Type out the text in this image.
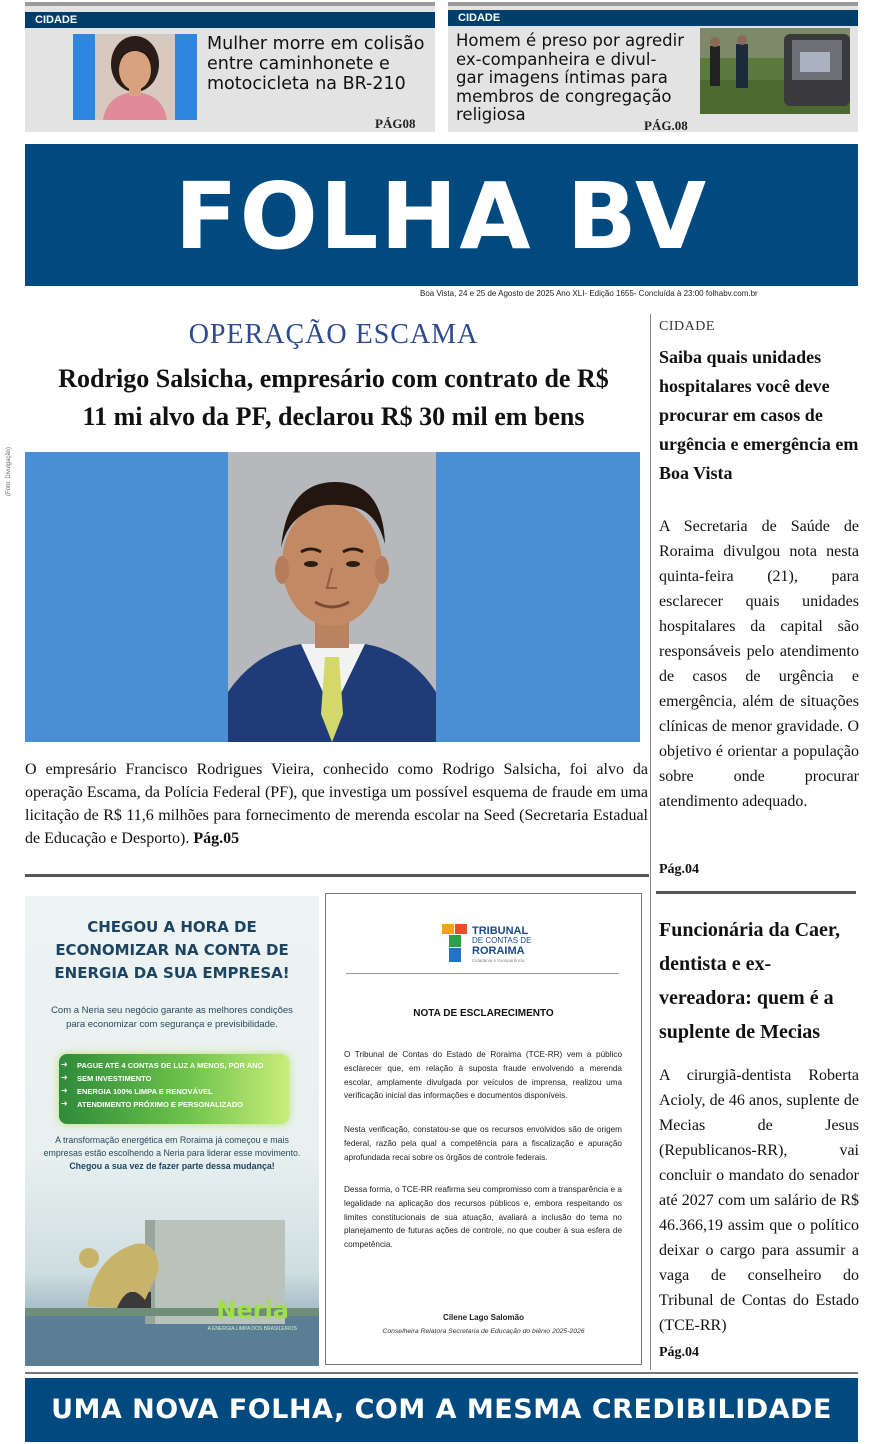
CIDADE
Mulher morre em colisão
entre caminhonete e
motocicleta na BR-210
PÁG08
CIDADE
Homem é preso por agredir
ex-companheira e divul-
gar imagens íntimas para
membros de congregação
religiosa
PÁG.08
FOLHA BV
Boa Vista, 24 e 25 de Agosto de 2025 Ano XLI- Edição 1655- Concluída à 23:00 folhabv.com.br
OPERAÇÃO ESCAMA
Rodrigo Salsicha, empresário com contrato de R$
11 mi alvo da PF, declarou R$ 30 mil em bens
(Foto: Divulgação)
O empresário Francisco Rodrigues Vieira, conhecido como Rodrigo Salsicha, foi alvo da operação Escama, da Polícia Federal (PF), que investiga um possível esquema de fraude em uma licitação de R$ 11,6 milhões para fornecimento de merenda escolar na Seed (Secretaria Estadual de Educação e Desporto). Pág.05
CIDADE
Saiba quais unidades hospitalares você deve procurar em casos de urgência e emergência em Boa Vista
A Secretaria de Saúde de Roraima divulgou nota nesta quinta-feira (21), para esclarecer quais unidades hospitalares da capital são responsáveis pelo atendimento de casos de urgência e emergência, além de situações clínicas de menor gravidade. O objetivo é orientar a população sobre onde procurar atendimento adequado.
Pág.04
Funcionária da Caer, dentista e ex-vereadora: quem é a suplente de Mecias
A cirurgiã-dentista Roberta Acioly, de 46 anos, suplente de Mecias de Jesus (Republicanos-RR), vai concluir o mandato do senador até 2027 com um salário de R$ 46.366,19 assim que o político deixar o cargo para assumir a vaga de conselheiro do Tribunal de Contas do Estado (TCE-RR)
Pág.04
CHEGOU A HORA DE
ECONOMIZAR NA CONTA DE
ENERGIA DA SUA EMPRESA!
Com a Neria seu negócio garante as melhores condições para economizar com segurança e previsibilidade.
➜ PAGUE ATÉ 4 CONTAS DE LUZ A MENOS, POR ANO
➜ SEM INVESTIMENTO
➜ ENERGIA 100% LIMPA E RENOVÁVEL
➜ ATENDIMENTO PRÓXIMO E PERSONALIZADO
A transformação energética em Roraima já começou e mais empresas estão escolhendo a Neria para liderar esse movimento.
Chegou a sua vez de fazer parte dessa mudança!
Neria
A ENERGIA LIMPA DOS BRASILEIROS
TRIBUNAL
DE CONTAS DE
RORAIMA
Cidadania e transparência
NOTA DE ESCLARECIMENTO
O Tribunal de Contas do Estado de Roraima (TCE-RR) vem a público esclarecer que, em relação à suposta fraude envolvendo a merenda escolar, amplamente divulgada por veículos de imprensa, realizou uma verificação inicial das informações e documentos disponíveis.
Nesta verificação, constatou-se que os recursos envolvidos são de origem federal, razão pela qual a competência para a fiscalização e apuração aprofundada recai sobre os órgãos de controle federais.
Dessa forma, o TCE-RR reafirma seu compromisso com a transparência e a legalidade na aplicação dos recursos públicos e, embora respeitando os limites constitucionais de sua atuação, avaliará a inclusão do tema no planejamento de futuras ações de controle, no que couber à sua esfera de competência.
Cilene Lago Salomão
Conselheira Relatora Secretaria de Educação do biênio 2025-2026
UMA NOVA FOLHA, COM A MESMA CREDIBILIDADE
